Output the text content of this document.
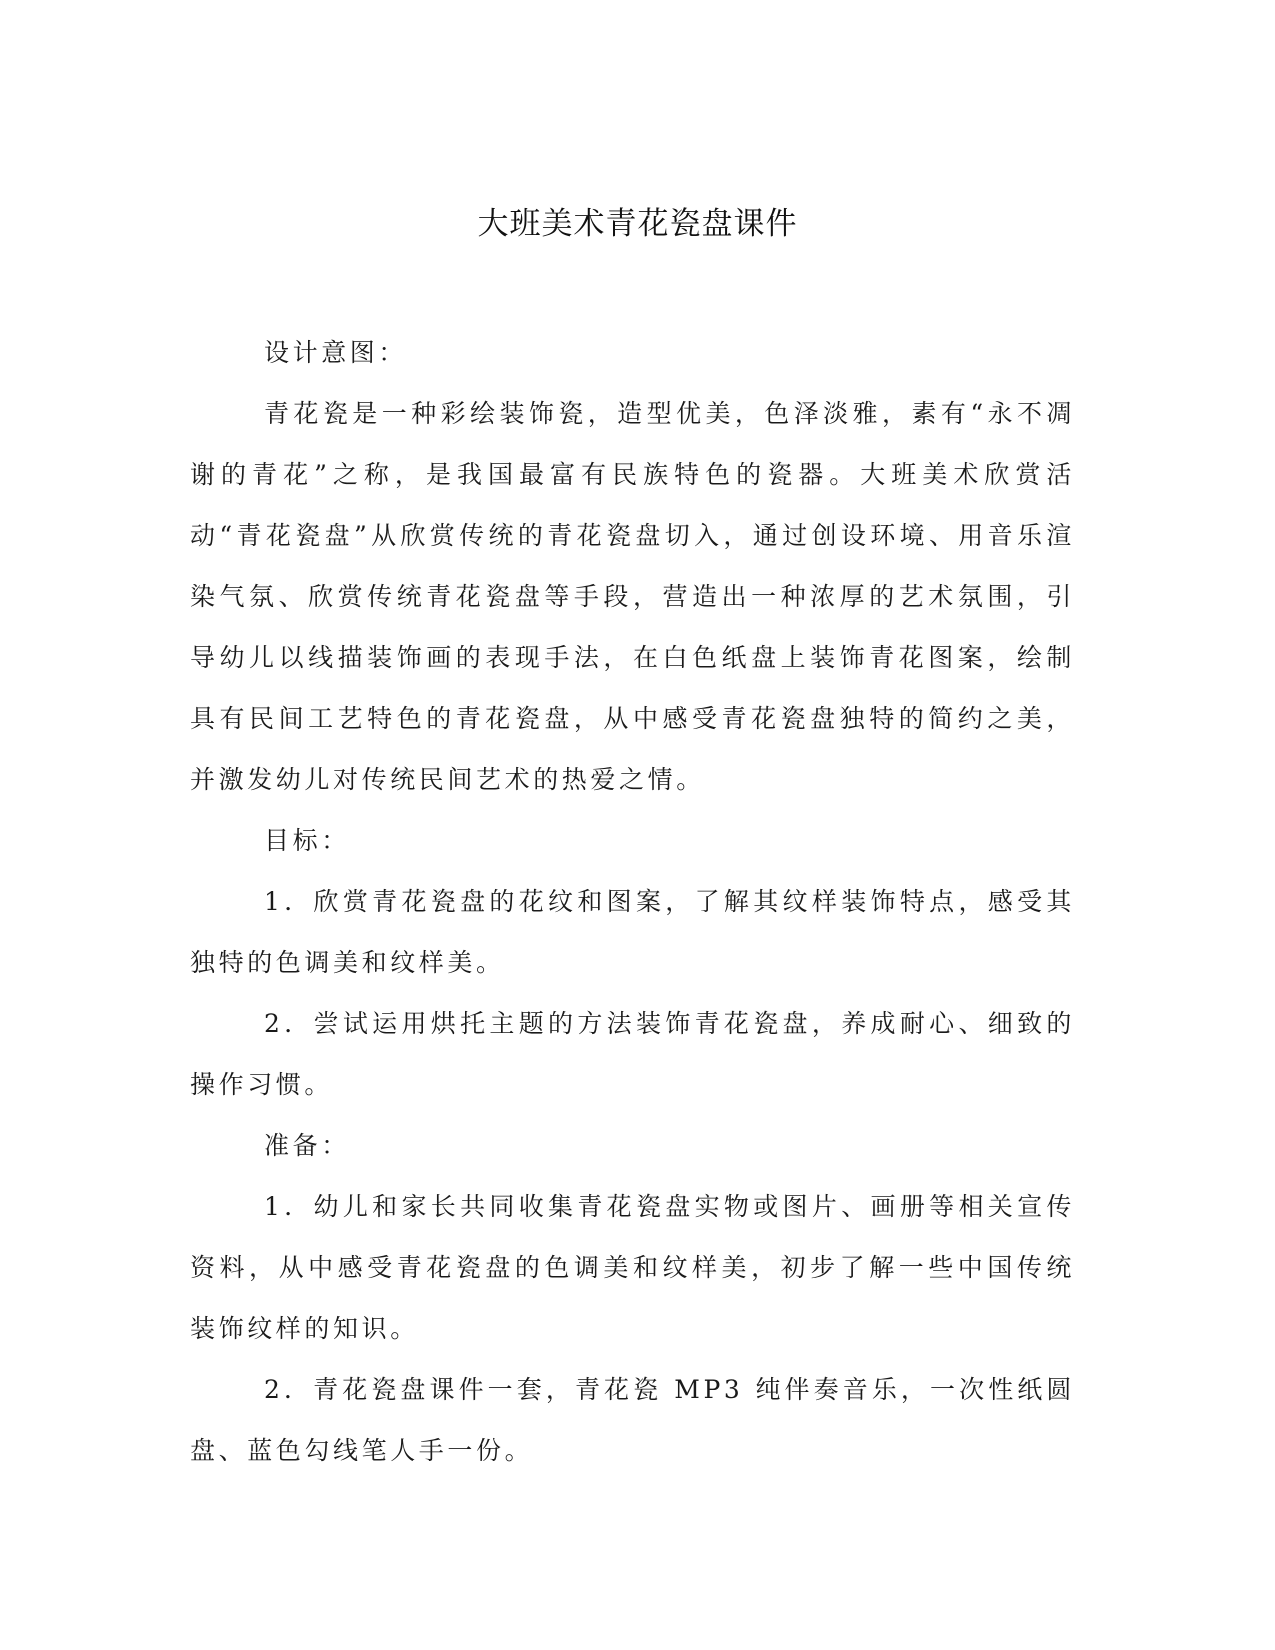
大班美术青花瓷盘课件

设计意图：

青花瓷是一种彩绘装饰瓷，造型优美，色泽淡雅，素有“永不凋谢的青花”之称，是我国最富有民族特色的瓷器。大班美术欣赏活动“青花瓷盘”从欣赏传统的青花瓷盘切入，通过创设环境、用音乐渲染气氛、欣赏传统青花瓷盘等手段，营造出一种浓厚的艺术氛围，引导幼儿以线描装饰画的表现手法，在白色纸盘上装饰青花图案，绘制具有民间工艺特色的青花瓷盘，从中感受青花瓷盘独特的简约之美，并激发幼儿对传统民间艺术的热爱之情。

目标：

1．欣赏青花瓷盘的花纹和图案，了解其纹样装饰特点，感受其独特的色调美和纹样美。

2．尝试运用烘托主题的方法装饰青花瓷盘，养成耐心、细致的操作习惯。

准备：

1．幼儿和家长共同收集青花瓷盘实物或图片、画册等相关宣传资料，从中感受青花瓷盘的色调美和纹样美，初步了解一些中国传统装饰纹样的知识。

2．青花瓷盘课件一套，青花瓷 MP3 纯伴奏音乐，一次性纸圆盘、蓝色勾线笔人手一份。
